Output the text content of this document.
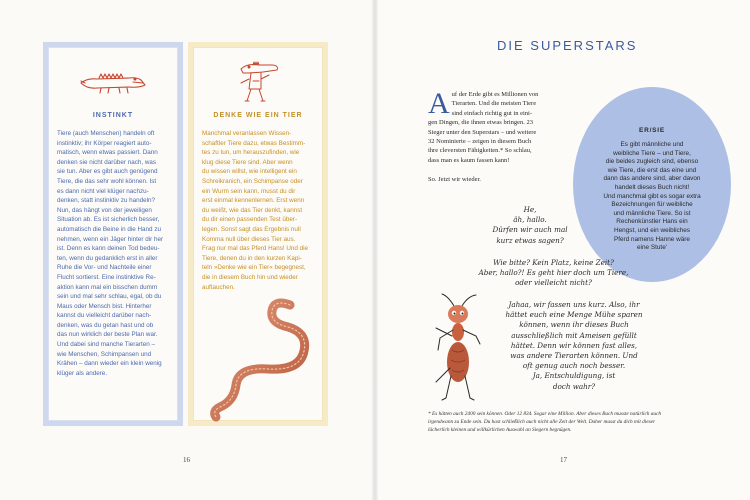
INSTINKT
Tiere (auch Menschen) handeln oft
instinktiv; ihr Körper reagiert auto-
matisch, wenn etwas passiert. Dann
denken sie nicht darüber nach, was
sie tun. Aber es gibt auch genügend
Tiere, die das sehr wohl können. Ist
es dann nicht viel klüger nachzu-
denken, statt instinktiv zu handeln?
Nun, das hängt von der jeweiligen
Situation ab. Es ist sicherlich besser,
automatisch die Beine in die Hand zu
nehmen, wenn ein Jäger hinter dir her
ist. Denn es kann deinen Tod bedeu-
ten, wenn du gedanklich erst in aller
Ruhe die Vor- und Nachteile einer
Flucht sortierst. Eine instinktive Re-
aktion kann mal ein bisschen dumm
sein und mal sehr schlau, egal, ob du
Maus oder Mensch bist. Hinterher
kannst du vielleicht darüber nach-
denken, was du getan hast und ob
das nun wirklich der beste Plan war.
Und dabei sind manche Tierarten –
wie Menschen, Schimpansen und
Krähen – dann wieder ein klein wenig
klüger als andere.
DENKE WIE EIN TIER
Manchmal veranlassen Wissen-
schaftler Tiere dazu, etwas Bestimm-
tes zu tun, um herauszufinden, wie
klug diese Tiere sind. Aber wenn
du wissen willst, wie intelligent ein
Schreikranich, ein Schimpanse oder
ein Wurm sein kann, musst du dir
erst einmal kennenlernen. Erst wenn
du weißt, wie das Tier denkt, kannst
du dir einen passenden Test über-
legen. Sonst sagt das Ergebnis null
Komma null über dieses Tier aus.
Frag nur mal das Pferd Hans! Und die
Tiere, denen du in den kurzen Kapi-
teln »Denke wie ein Tier« begegnest,
die in diesem Buch hin und wieder
auftauchen.
16	17
DIE SUPERSTARS
A uf der Erde gibt es Millionen von
Tierarten. Und die meisten Tiere
sind einfach richtig gut in eini-
gen Dingen, die ihnen etwas bringen. 23
Sieger unter den Superstars – und weitere
32 Nominierte – zeigen in diesem Buch
ihre cleversten Fähigkeiten.* So schlau,
dass man es kaum fassen kann!
So. Jetzt wir wieder.
ER/SIE
Es gibt männliche und
weibliche Tiere – und Tiere,
die beides zugleich sind, ebenso
wie Tiere, die erst das eine und
dann das andere sind, aber davon
handelt dieses Buch nicht!
Und manchmal gibt es sogar extra
Bezeichnungen für weibliche
und männliche Tiere. So ist
Rechenkünstler Hans ein
Hengst, und ein weibliches
Pferd namens Hanne wäre
eine Stute'
He,
äh, hallo.
Dürfen wir auch mal
kurz etwas sagen?
Wie bitte? Kein Platz, keine Zeit?
Aber, hallo?! Es geht hier doch um Tiere,
oder vielleicht nicht?
Jahaa, wir fassen uns kurz. Also, ihr
hättet euch eine Menge Mühe sparen
können, wenn ihr dieses Buch
ausschließlich mit Ameisen gefüllt
hättet. Denn wir können fast alles,
was andere Tierarten können. Und
oft genug auch noch besser.
Ja, Entschuldigung, ist
doch wahr?
* Es hätten auch 2400 sein können. Oder 12 834. Sogar eine Million. Aber dieses Buch musste natürlich auch
irgendwann zu Ende sein. Du hast schließlich auch nicht alle Zeit der Welt. Daher musst du dich mit dieser
lächerlich kleinen und willkürlichen Auswahl an Siegern begnügen.
